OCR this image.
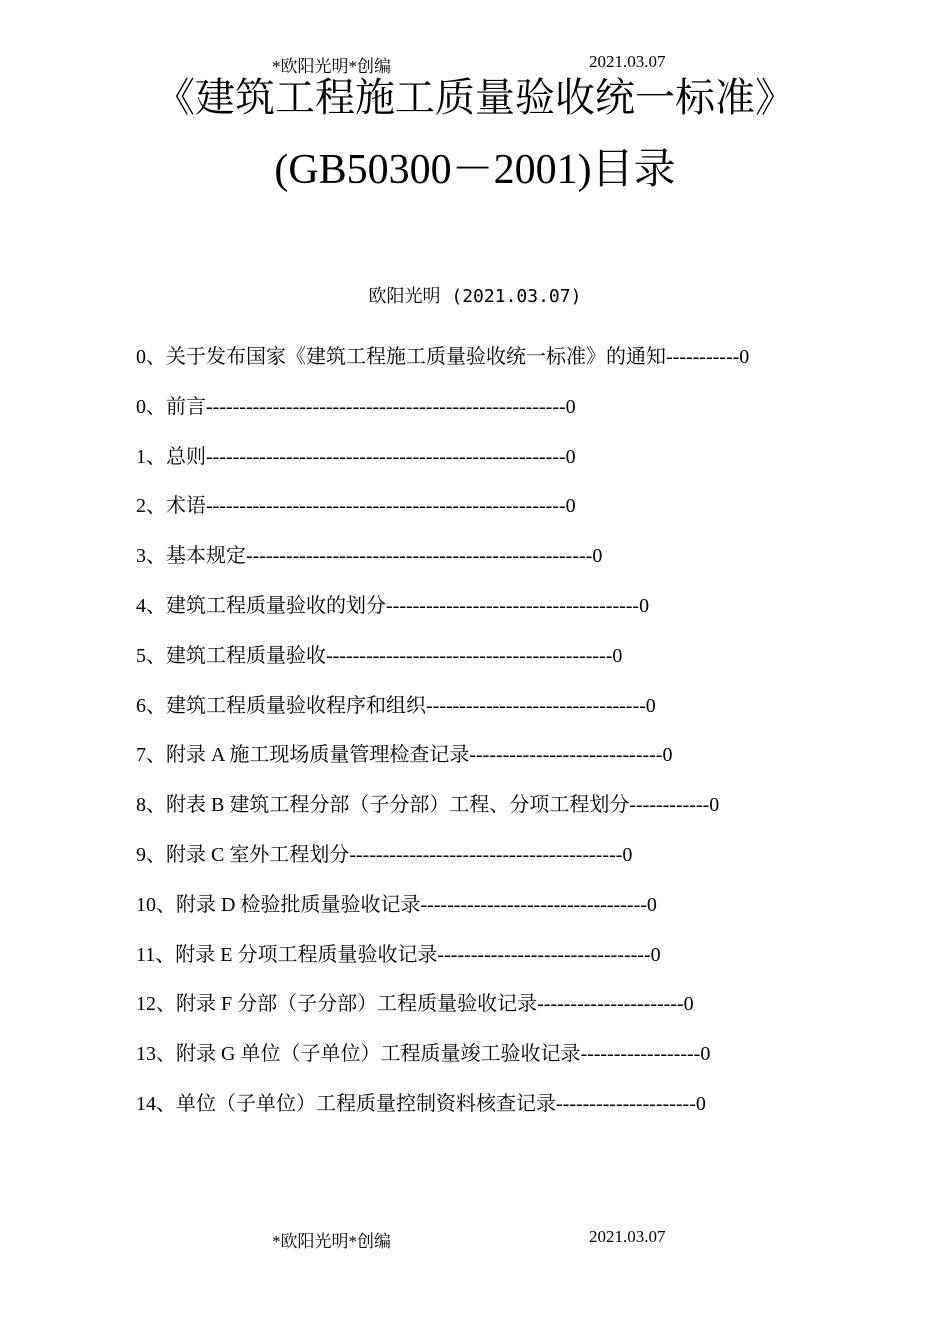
*欧阳光明*创编	2021.03.07
《建筑工程施工质量验收统一标准》
(GB50300－2001)目录
欧阳光明 (2021.03.07)
0、关于发布国家《建筑工程施工质量验收统一标准》的通知-----------0
0、前言------------------------------------------------------0
1、总则------------------------------------------------------0
2、术语------------------------------------------------------0
3、基本规定----------------------------------------------------0
4、建筑工程质量验收的划分--------------------------------------0
5、建筑工程质量验收-------------------------------------------0
6、建筑工程质量验收程序和组织---------------------------------0
7、附录 A 施工现场质量管理检查记录-----------------------------0
8、附表 B 建筑工程分部（子分部）工程、分项工程划分------------0
9、附录 C 室外工程划分-----------------------------------------0
10、附录 D 检验批质量验收记录----------------------------------0
11、附录 E 分项工程质量验收记录--------------------------------0
12、附录 F 分部（子分部）工程质量验收记录----------------------0
13、附录 G 单位（子单位）工程质量竣工验收记录------------------0
14、单位（子单位）工程质量控制资料核查记录---------------------0
*欧阳光明*创编	2021.03.07
